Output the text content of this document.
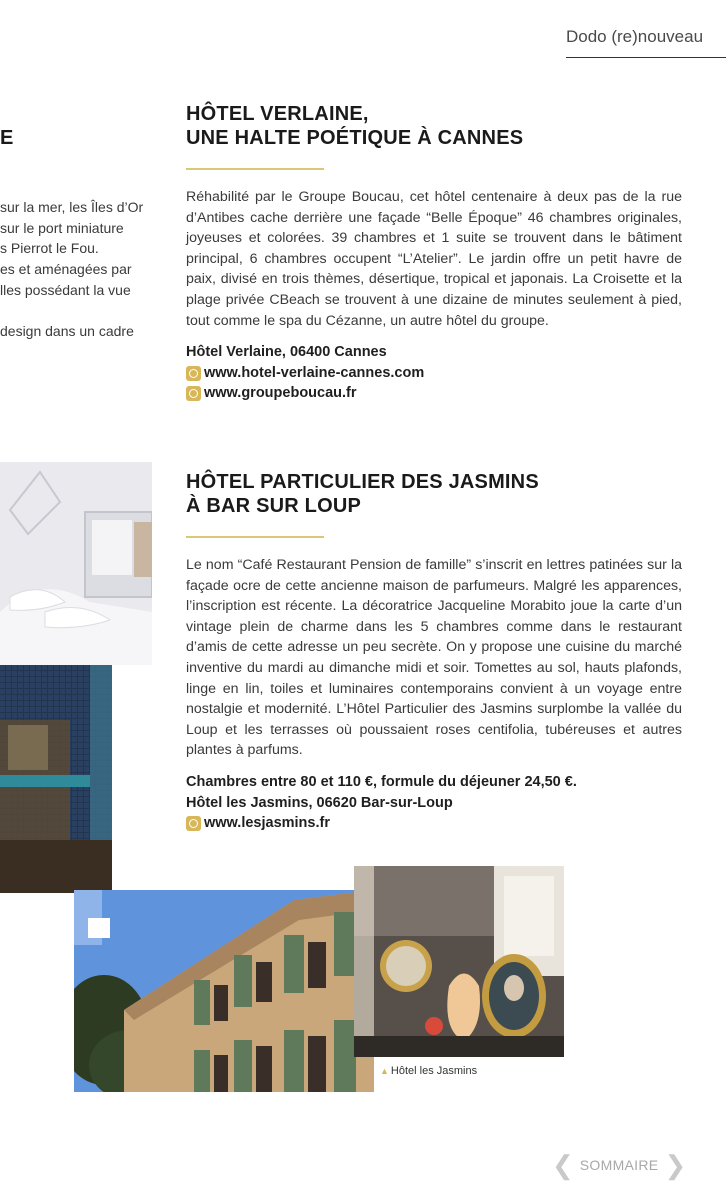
Dodo (re)nouveau
E
sur la mer, les Îles d’Or
sur le port miniature
s Pierrot le Fou.
es et aménagées par
lles possédant la vue
design dans un cadre
HÔTEL VERLAINE,
UNE HALTE POÉTIQUE À CANNES

Réhabilité par le Groupe Boucau, cet hôtel centenaire à deux pas de la rue d’Antibes cache derrière une façade “Belle Époque” 46 chambres originales, joyeuses et colorées. 39 chambres et 1 suite se trouvent dans le bâtiment principal, 6 chambres occupent “L’Atelier”. Le jardin offre un petit havre de paix, divisé en trois thèmes, désertique, tropical et japonais. La Croisette et la plage privée CBeach se trouvent à une dizaine de minutes seulement à pied, tout comme le spa du Cézanne, un autre hôtel du groupe.

Hôtel Verlaine, 06400 Cannes
www.hotel-verlaine-cannes.com
www.groupeboucau.fr
HÔTEL PARTICULIER DES JASMINS
À BAR SUR LOUP

Le nom “Café Restaurant Pension de famille” s’inscrit en lettres patinées sur la façade ocre de cette ancienne maison de parfumeurs. Malgré les apparences, l’inscription est récente. La décoratrice Jacqueline Morabito joue la carte d’un vintage plein de charme dans les 5 chambres comme dans le restaurant d’amis de cette adresse un peu secrète. On y propose une cuisine du marché inventive du mardi au dimanche midi et soir. Tomettes au sol, hauts plafonds, linge en lin, toiles et luminaires contemporains convient à un voyage entre nostalgie et modernité. L’Hôtel Particulier des Jasmins surplombe la vallée du Loup et les terrasses où poussaient roses centifolia, tubéreuses et autres plantes à parfums.

Chambres entre 80 et 110 €, formule du déjeuner 24,50 €.
Hôtel les Jasmins, 06620 Bar-sur-Loup
www.lesjasmins.fr
▲ Hôtel les Jasmins
❮ SOMMAIRE ❯
